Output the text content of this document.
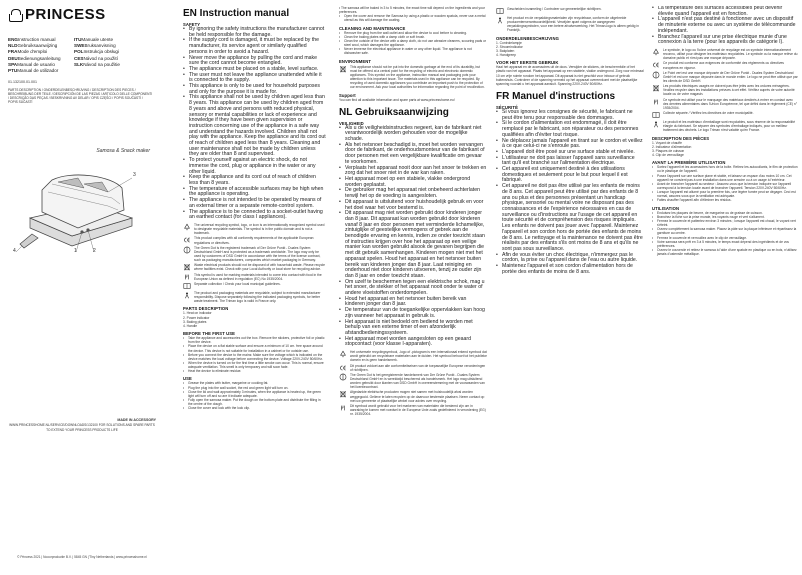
PRINCESS
ENGInstruction manual	ITUManuale utente
NLDGebruiksaanwijzing	SWEBruksanvisning
FRAMode d'emploi	POLInstrukcja obsługi
DEUBedienungsanleitung	CESNávod na použití
SPAManual de usuario	SLKNávod na použitie
PTUManual de utilizador
01.132100.01.001
PARTS DESCRIPTION / ONDERDELENBESCHRIJVING / DESCRIPTION DES PIECES / BESCHREIBUNG DER TEILE / DESCRIPCIÓN DE LAS PIEZAS / ARTICOLO DELLE COMPONENTI / DESCRIÇÃO DAS PEÇAS / BESKRIVNING AV DELAR / OPIS CZĘŚCI / POPIS SOUČÁSTÍ / POPIS SÚČASTÍ
Samosa & Snack maker
1	2
3
4
MADE IN ACCESSORY
WWW.PRINCESSHOME.NL/SERVICE/DOWNLOADS/132100 FOR SOLUTIONS AND SPARE PARTS TO EXTEND YOUR PRINCESS PRODUCTS LIFE
© Princess 2021 | Nooorproductie B.V. | 5845 GN ('Tiny Netherlands | www.princesshome.nl
EN Instruction manual
SAFETY
• By ignoring the safety instructions the manufacturer cannot be held responsible for the damage.
• If the supply cord is damaged, it must be replaced by the manufacturer, its service agent or similarly qualified persons in order to avoid a hazard.
• Never move the appliance by pulling the cord and make sure the cord cannot become entangled.
• The appliance must be placed on a stable, level surface.
• The user must not leave the appliance unattended while it is connected to the supply.
• This appliance is only to be used for household purposes and only for the purpose it is made for.
• This appliance shall not be used by children aged less than 8 years. This appliance can be used by children aged from 8 years and above and persons with reduced physical, sensory or mental capabilities or lack of experience and knowledge if they have been given supervision or instruction concerning use of the appliance in a safe way and understand the hazards involved. Children shall not play with the appliance. Keep the appliance and its cord out of reach of children aged less than 8 years. Cleaning and user maintenance shall not be made by children unless they are older than 8 and supervised.
• To protect yourself against an electric shock, do not immerse the cord, plug or appliance in the water or any other liquid.
• Keep the appliance and its cord out of reach of children less than 8 years.
• The temperature of accessible surfaces may be high when the appliance is operating.
• The appliance is not intended to be operated by means of an external timer or a separate remote-control system.
• The appliance is to be connected to a socket-outlet having an earthed contact (for class I appliances).
The universal recycling symbol, logo, or icon is an internationally recognized symbol used to designate recyclable materials. The symbol is in the public domain and is not a trademark.
This product complies with all conformity requirements of the applicable European regulations or directives.
The Green Dot is the registered trademark of Der Grüne Punkt - Duales System Deutschland GmbH and is protected as a trademark worldwide. The logo may only be used by customers of DSD GmbH in accordance with the terms of the license contract, such as packaging manufacturers, companies which market packaging in Germany.
Waste electrical products should not be disposed of with household waste. Please recycle where facilities exist. Check with your Local Authority or local store for recycling advice.
This symbol is used for marking materials intended to come into contact with food in the European Union as defined in regulation (EC) No 1935/2004.
Separate collection / Check your local municipal guidelines.
The product and packaging materials are recyclable, subject to extended manufacturer responsibility. Dispose separately following the indicated packaging symbols, for better waste treatment. The Triman logo is valid in France only.
PARTS DESCRIPTION
1. Heat on indicator
2. Power indicator
3. Baking plates
4. Handle
BEFORE THE FIRST USE
•	Take the appliance and accessories out the box. Remove the stickers, protective foil or plastic from the device.
•	Place the device on a flat stable surface and ensure a minimum of 10 cm. free space around the device. This device is not suitable for installation in a cabinet or for outside use.
•	Before you connect the device to the mains: Make sure the voltage which is indicated on the device matches the local voltage before connecting the device. Voltage 220V-240V 50/60Hz.
•	When the device is turned on for the first time a little smoke can occur. This is normal, ensure adequate ventilation. This smell is only temporary and will soon fade.
•	Heat the device to eliminate residue.
USE
•	Grease the plates with butter, margarine or cooking fat.
•	Plug the plug into the wall socket, the red and green light will turn on.
•	Close the lid and wait approximately 3 minutes, when the appliance is heated up, the green light will turn off and so are it indicate adequate.
•	Fully open the samosa maker. Put the dough on the bottom plate and distribute the filling in the centre of the dough.
•	Close the cover and lock with the lock clip.
• The samosa will be baked in 3 to 5 minutes, the exact time will depend on the ingredients and your preferences.
•	Open the cover and remove the Samosa by using a plastic or wooden spatula, never use a metal utensil as this will damage the coating.
CLEANING AND MAINTENANCE
•	Remove the plug from the wall outlet and allow the device to cool before to cleaning.
•	Clean the baking plates with a damp cloth or soft brush.
•	Clean the outside of the device with a damp cloth, do not use abrasive cleaners, scouring pads or steel wool, which damages the appliance.
•	Never immerse the electrical appliance in water or any other liquid. The appliance is not dishwasher safe.
ENVIRONMENT
This appliance should not be put into the domestic garbage at the end of its durability, but must be offered at a central point for the recycling of electric and electronic domestic appliances. This symbol on the appliance, instruction manual and packaging puts your attention to this important issue. The materials used in this appliance can be recycled. By recycling of used domestic appliances you contribute an important push to the protection of our environment. Ask your local authorities for information regarding the point of recollection.
Support
You can find all available information and spare parts at www.princesshome.eu!
NL Gebruiksaanwijzing
VEILIGHEID
• Als u de veiligheidsinstructies negeert, kan de fabrikant niet verantwoordelijk worden gehouden voor de mogelijke schade.
• Als het netsnoer beschadigd is, moet het worden vervangen door de fabrikant, de onderhoudsmonteur van de fabrikant of door personen met een vergelijkbare kwalificatie om gevaar te voorkomen.
• Verplaats het apparaat nooit door aan het snoer te trekken en zorg dat het snoer niet in de war kan raken.
• Het apparaat moet op een stabiele, vlakke ondergrond worden geplaatst.
• De gebruiker mag het apparaat niet onbeheerd achterlaten terwijl het op de voeding is aangesloten.
• Dit apparaat is uitsluitend voor huishoudelijk gebruik en voor het doel waar het voor bestemd is.
• Dit apparaat mag niet worden gebruikt door kinderen jonger dan 8 jaar. Dit apparaat kan worden gebruikt door kinderen vanaf 8 jaar en door personen met verminderde lichamelijke, zintuiglijke of geestelijke vermogens of gebrek aan de benodigde ervaring en kennis, indien ze onder toezicht staan of instructies krijgen over hoe het apparaat op een veilige manier kan worden gebruikt alsook de gevaren begrijpen die met dit gebruik samenhangen. Kinderen mogen niet met het apparaat spelen. Houd het apparaat en het netsnoer buiten bereik van kinderen jonger dan 8 jaar. Laat reiniging en onderhoud niet door kinderen uitvoeren, tenzij ze ouder zijn dan 8 jaar en onder toezicht staan.
• Om uzelf te beschermen tegen een elektrische schok, mag u het snoer, de stekker of het apparaat nooit onder te water of andere vloeistoffen onderdompelen.
• Houd het apparaat en het netsnoer buiten bereik van kinderen jonger dan 8 jaar.
• De temperatuur van de toegankelijke oppervlakken kan hoog zijn wanneer het apparaat in gebruik is.
• Het apparaat is niet bedoeld om bediend te worden met behulp van een externe timer of een afzonderlijk afstandbedieningssysteem.
• Het apparaat moet worden aangesloten op een geaard stopcontact (voor klasse I-apparaten).
Het universele recyclingsymbool, -logo of -pictogram is een internationaal erkend symbool dat wordt gebruikt om recyclebare materialen aan te duiden. Het symbool behoort tot het publieke domein en is geen handelsmerk.
Dit product voldoet aan alle conformiteitseisen van de toepasselijke Europese verordeningen of richtlijnen.
The Green Dot is het geregistreerde handelsmerk van Der Grüne Punkt - Duales System Deutschland GmbH en is wereldwijd beschermd als handelsmerk. Het logo mag uitsluitend worden gebruikt door klanten van DSD GmbH in overeenstemming met de voorwaarden van het licentiecontract.
Afgedankte elektrische producten mogen niet samen met huishoudelijk afval worden weggegooid. Gelieve te laten recyclen op de daarvoor bestemde plaatsen. Neem contact op met uw gemeente of plaatselijke winkel voor advies over recycling.
Dit symbool wordt gebruikt voor het markeren van materialen die bestemd zijn om in aanraking te komen met voedsel in de Europese Unie zoals gedefinieerd in verordening (EG) nr. 1935/2004.
Gescheiden inzameling / Controleer uw gemeentelijke richtlijnen.
Het product en de verpakkingsmaterialen zijn recyclebaar, conform de uitgebreide producentenverantwoordelijkheid. Verwijder apart volgens de aangegeven verpakkingssymbolen, voor een betere afvalverwerking. Het Triman-logo is alleen geldig in Frankrijk.
ONDERDELENBESCHRIJVING
1. Controlelampje
2. Stroomindicator
3. Bakplaten
4. Handgreep
VOOR HET EERSTE GEBRUIK
Haal het apparaat en de accessoires uit de doos. Verwijder de stickers, de beschermfolie of het plastic van het apparaat. Plaats het apparaat op een stabiele, vlakke ondergrond. Zorg voor minimaal 10 cm vrije ruimte rondom het apparaat. Dit apparaat is niet geschikt voor inbouw of gebruik buitenshuis. Controleer of de spanning vermeld op het apparaat overeenkomt met de plaatselijke spanning voordat u het apparaat aansluit. Spanning 220V-240V 50/60Hz.
FR Manuel d'instructions
SÉCURITÉ
• Si vous ignorez les consignes de sécurité, le fabricant ne peut être tenu pour responsable des dommages.
• Si le cordon d'alimentation est endommagé, il doit être remplacé par le fabricant, son réparateur ou des personnes qualifiées afin d'éviter tout risque.
• Ne déplacez jamais l'appareil en tirant sur le cordon et veillez à ce que celui-ci ne s'enroule pas.
• L'appareil doit être posé sur une surface stable et nivelée.
• L'utilisateur ne doit pas laisser l'appareil sans surveillance tant qu'il est branché sur l'alimentation électrique.
• Cet appareil est uniquement destiné à des utilisations domestiques et seulement pour le but pour lequel il est fabriqué.
• Cet appareil ne doit pas être utilisé par les enfants de moins de 8 ans. Cet appareil peut être utilisé par des enfants de 8 ans ou plus et des personnes présentant un handicap physique, sensoriel ou mental voire ne disposant pas des connaissances et de l'expérience nécessaires en cas de surveillance ou d'instructions sur l'usage de cet appareil en toute sécurité et de compréhension des risques impliqués. Les enfants ne doivent pas jouer avec l'appareil. Maintenez l'appareil et son cordon hors de portée des enfants de moins de 8 ans. Le nettoyage et la maintenance ne doivent pas être réalisés par des enfants s'ils ont moins de 8 ans et qu'ils ne sont pas sous surveillance.
• Afin de vous éviter un choc électrique, n'immergez pas le cordon, la prise ou l'appareil dans de l'eau ou autre liquide.
• Maintenez l'appareil et son cordon d'alimentation hors de portée des enfants de moins de 8 ans.
• La température des surfaces accessibles peut devenir élevée quand l'appareil est en fonction.
• L'appareil n'est pas destiné à fonctionner avec un dispositif de minuterie externe ou avec un système de télécommande indépendant.
• Branchez l'appareil sur une prise électrique munie d'une connexion à la terre (pour les appareils de catégorie I).
Le symbole, le logo ou l'icône universel de recyclage est un symbole internationalement reconnu, utilisé pour désigner les matériaux recyclables. Le symbole ou la marque relève du domaine public et n'est pas une marque déposée.
Ce produit est conforme aux exigences de conformité des règlements ou directives européens en vigueur.
Le Point vert est une marque déposée de Der Grüne Punkt - Duales System Deutschland GmbH et est une marque déposée dans le monde entier. Le logo ne peut être utilisé que par les clients de DSD GmbH.
Les produits électriques usagés ne doivent pas être jetés avec les ordures ménagères. Veuillez recycler dans les installations prévues à cet effet. Vérifiez auprès de votre autorité locale ou de votre magasin.
Ce symbole est utilisé pour le marquage des matériaux destinés à entrer en contact avec des denrées alimentaires dans l'Union Européenne, tel que défini dans le règlement (CE) n° 1935/2004.
Collecte séparée / Vérifiez les directives de votre municipalité.
Le produit et les matériaux d'emballage sont recyclables, sous réserve de la responsabilité élargie du fabricant. Se séparer des symboles d'emballage indiqués, pour un meilleur traitement des déchets. Le logo Triman n'est valable qu'en France.
DESCRIPTION DES PIÈCES
1. Voyant de chauffe
2. Indicateur d'alimentation
3. Plaques de cuisson
4. Clip de verrouillage
AVANT LA PREMIÈRE UTILISATION
•	Sortez l'appareil et les accessoires hors de la boîte. Retirez les autocollants, le film de protection ou le plastique de l'appareil.
•	Posez l'appareil sur une surface plane et stable, et laissez un espace d'au moins 10 cm. Cet appareil ne convient pas à une installation dans une armoire ou à un usage à l'extérieur.
•	Avant de brancher l'appareil au secteur : Assurez-vous que la tension indiquée sur l'appareil correspond à la tension locale avant de brancher l'appareil. Tension 220V-240V 50/60Hz.
•	Lorsque l'appareil est allumé pour la première fois, une légère fumée peut se dégager. Ceci est normal, assurez-vous que la ventilation est adéquate.
•	Faites chauffer l'appareil afin d'éliminer les résidus.
UTILISATION
•	Enduisez les plaques de beurre, de margarine ou de graisse de cuisson.
•	Branchez la fiche sur la prise murale, les voyants rouge et vert s'allument.
•	Fermez le couvercle et patientez environ 3 minutes ; lorsque l'appareil est chaud, le voyant vert s'éteint.
•	Ouvrez complètement la samosa maker. Placez la pâte sur la plaque inférieure et répartissez la garniture au centre.
•	Fermez le couvercle et verrouillez avec le clip de verrouillage.
•	Votre samosa sera prêt en 3 à 5 minutes, le temps exact dépend des ingrédients et de vos préférences.
•	Ouvrez le couvercle et retirez le samosa à l'aide d'une spatule en plastique ou en bois, n'utilisez jamais d'ustensile métallique.
